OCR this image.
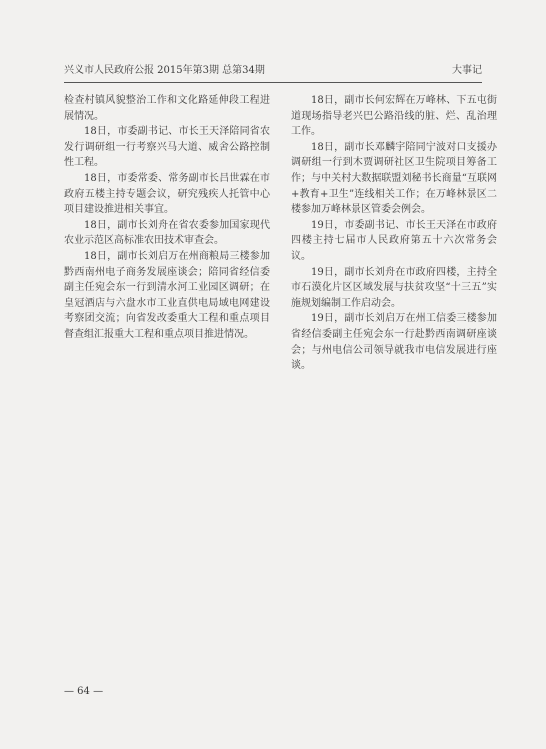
兴义市人民政府公报 2015年第3期 总第34期	大事记

检查村镇风貌整治工作和文化路延伸段工程进展情况。

18日，市委副书记、市长王天泽陪同省农发行调研组一行考察兴马大道、威舍公路控制性工程。

18日，市委常委、常务副市长吕世霖在市政府五楼主持专题会议，研究残疾人托管中心项目建设推进相关事宜。

18日，副市长刘舟在省农委参加国家现代农业示范区高标准农田技术审查会。

18日，副市长刘启万在州商粮局三楼参加黔西南州电子商务发展座谈会；陪同省经信委副主任宛会东一行到清水河工业园区调研；在皇冠酒店与六盘水市工业直供电局域电网建设考察团交流；向省发改委重大工程和重点项目督查组汇报重大工程和重点项目推进情况。

18日，副市长何宏辉在万峰林、下五屯街道现场指导老兴巴公路沿线的脏、烂、乱治理工作。

18日，副市长邓麟宇陪同宁波对口支援办调研组一行到木贾调研社区卫生院项目筹备工作；与中关村大数据联盟刘秘书长商量“互联网+教育+卫生”连线相关工作；在万峰林景区二楼参加万峰林景区管委会例会。

19日，市委副书记、市长王天泽在市政府四楼主持七届市人民政府第五十六次常务会议。

19日，副市长刘舟在市政府四楼，主持全市石漠化片区区域发展与扶贫攻坚“十三五”实施规划编制工作启动会。

19日，副市长刘启万在州工信委三楼参加省经信委副主任宛会东一行赴黔西南调研座谈会；与州电信公司领导就我市电信发展进行座谈。

— 64 —
